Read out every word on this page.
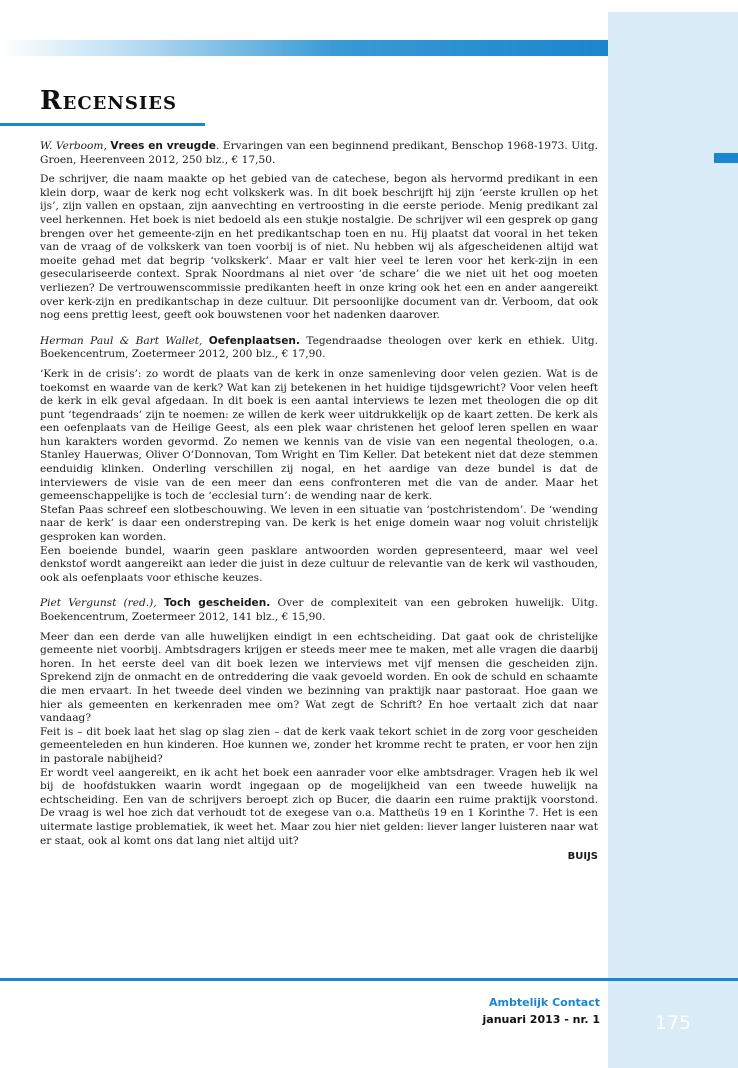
Recensies

W. Verboom, Vrees en vreugde. Ervaringen van een beginnend predikant, Benschop 1968-1973. Uitg. Groen, Heerenveen 2012, 250 blz., € 17,50.

De schrijver, die naam maakte op het gebied van de catechese, begon als hervormd predikant in een klein dorp, waar de kerk nog echt volkskerk was. In dit boek beschrijft hij zijn ‘eerste krullen op het ijs’, zijn vallen en opstaan, zijn aanvechting en vertroosting in die eerste periode. Menig predikant zal veel herkennen. Het boek is niet bedoeld als een stukje nostalgie. De schrijver wil een gesprek op gang brengen over het gemeente-zijn en het predikantschap toen en nu. Hij plaatst dat vooral in het teken van de vraag of de volkskerk van toen voorbij is of niet. Nu hebben wij als afgescheidenen altijd wat moeite gehad met dat begrip ‘volkskerk’. Maar er valt hier veel te leren voor het kerk-zijn in een geseculariseerde context. Sprak Noordmans al niet over ‘de schare’ die we niet uit het oog moeten verliezen? De vertrouwenscommissie predikanten heeft in onze kring ook het een en ander aangereikt over kerk-zijn en predikantschap in deze cultuur. Dit persoonlijke document van dr. Verboom, dat ook nog eens prettig leest, geeft ook bouwstenen voor het nadenken daarover.

Herman Paul & Bart Wallet, Oefenplaatsen. Tegendraadse theologen over kerk en ethiek. Uitg. Boekencentrum, Zoetermeer 2012, 200 blz., € 17,90.

‘Kerk in de crisis’: zo wordt de plaats van de kerk in onze samenleving door velen gezien. Wat is de toekomst en waarde van de kerk? Wat kan zij betekenen in het huidige tijdsgewricht? Voor velen heeft de kerk in elk geval afgedaan. In dit boek is een aantal interviews te lezen met theologen die op dit punt ‘tegendraads’ zijn te noemen: ze willen de kerk weer uitdrukkelijk op de kaart zetten. De kerk als een oefenplaats van de Heilige Geest, als een plek waar christenen het geloof leren spellen en waar hun karakters worden gevormd. Zo nemen we kennis van de visie van een negental theologen, o.a. Stanley Hauerwas, Oliver O’Donnovan, Tom Wright en Tim Keller. Dat betekent niet dat deze stemmen eenduidig klinken. Onderling verschillen zij nogal, en het aardige van deze bundel is dat de interviewers de visie van de een meer dan eens confronteren met die van de ander. Maar het gemeenschappelijke is toch de ‘ecclesial turn’: de wending naar de kerk.

Stefan Paas schreef een slotbeschouwing. We leven in een situatie van ‘postchristendom’. De ‘wending naar de kerk’ is daar een onderstreping van. De kerk is het enige domein waar nog voluit christelijk gesproken kan worden.

Een boeiende bundel, waarin geen pasklare antwoorden worden gepresenteerd, maar wel veel denkstof wordt aangereikt aan ieder die juist in deze cultuur de relevantie van de kerk wil vasthouden, ook als oefenplaats voor ethische keuzes.

Piet Vergunst (red.), Toch gescheiden. Over de complexiteit van een gebroken huwelijk. Uitg. Boekencentrum, Zoetermeer 2012, 141 blz., € 15,90.

Meer dan een derde van alle huwelijken eindigt in een echtscheiding. Dat gaat ook de christelijke gemeente niet voorbij. Ambtsdragers krijgen er steeds meer mee te maken, met alle vragen die daarbij horen. In het eerste deel van dit boek lezen we interviews met vijf mensen die gescheiden zijn. Sprekend zijn de onmacht en de ontreddering die vaak gevoeld worden. En ook de schuld en schaamte die men ervaart. In het tweede deel vinden we bezinning van praktijk naar pastoraat. Hoe gaan we hier als gemeenten en kerkenraden mee om? Wat zegt de Schrift? En hoe vertaalt zich dat naar vandaag?

Feit is – dit boek laat het slag op slag zien – dat de kerk vaak tekort schiet in de zorg voor gescheiden gemeenteleden en hun kinderen. Hoe kunnen we, zonder het kromme recht te praten, er voor hen zijn in pastorale nabijheid?

Er wordt veel aangereikt, en ik acht het boek een aanrader voor elke ambtsdrager. Vragen heb ik wel bij de hoofdstukken waarin wordt ingegaan op de mogelijkheid van een tweede huwelijk na echtscheiding. Een van de schrijvers beroept zich op Bucer, die daarin een ruime praktijk voorstond. De vraag is wel hoe zich dat verhoudt tot de exegese van o.a. Mattheüs 19 en 1 Korinthe 7. Het is een uitermate lastige problematiek, ik weet het. Maar zou hier niet gelden: liever langer luisteren naar wat er staat, ook al komt ons dat lang niet altijd uit?

BUIJS
Ambtelijk Contact
januari 2013 - nr. 1	175
